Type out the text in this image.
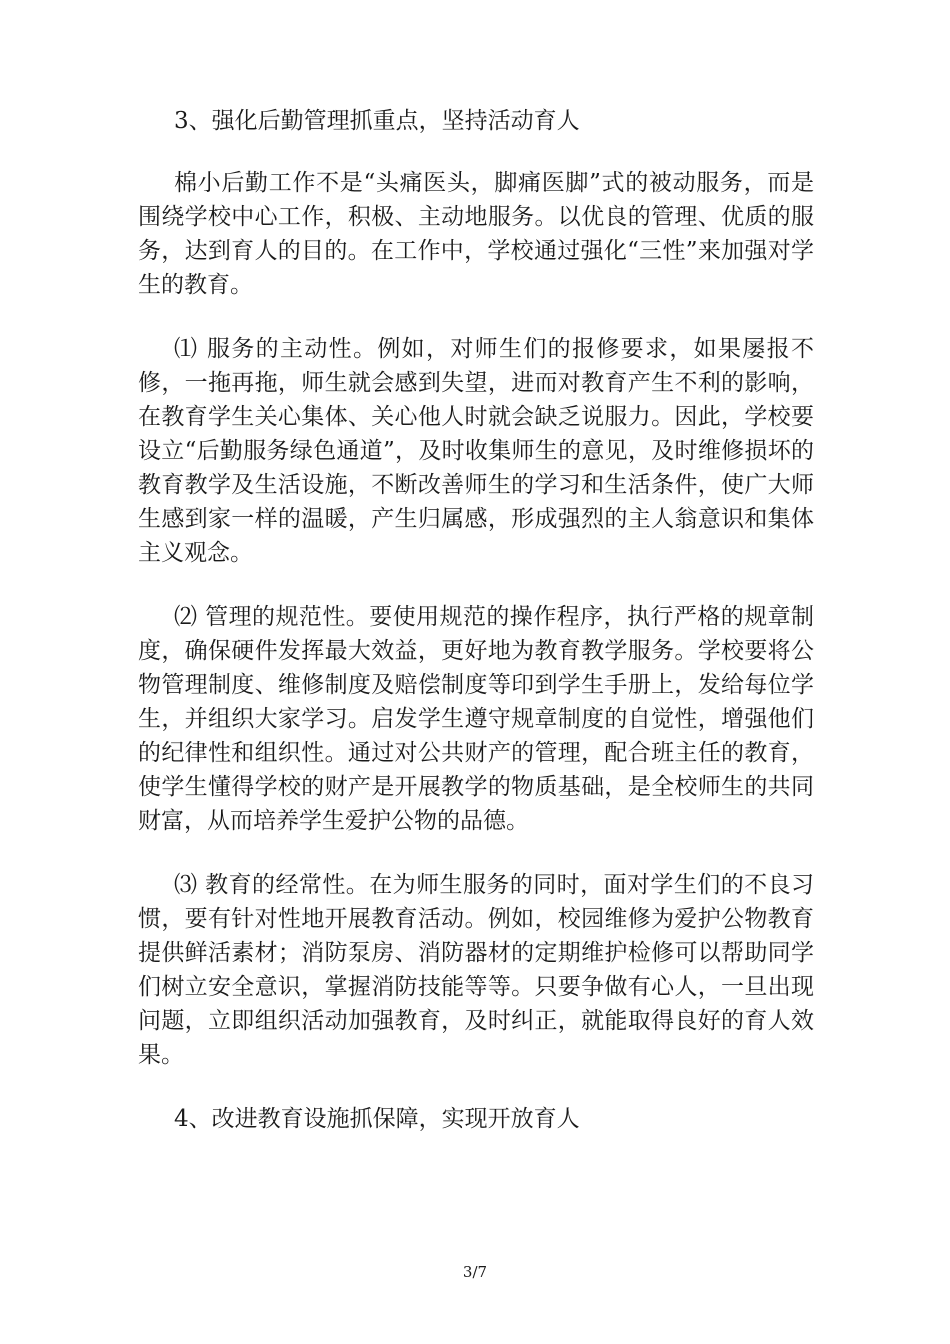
3、强化后勤管理抓重点，坚持活动育人

棉小后勤工作不是“头痛医头，脚痛医脚”式的被动服务，而是围绕学校中心工作，积极、主动地服务。以优良的管理、优质的服务，达到育人的目的。在工作中，学校通过强化“三性”来加强对学生的教育。

⑴ 服务的主动性。例如，对师生们的报修要求，如果屡报不修，一拖再拖，师生就会感到失望，进而对教育产生不利的影响，在教育学生关心集体、关心他人时就会缺乏说服力。因此，学校要设立“后勤服务绿色通道”，及时收集师生的意见，及时维修损坏的教育教学及生活设施，不断改善师生的学习和生活条件，使广大师生感到家一样的温暖，产生归属感，形成强烈的主人翁意识和集体主义观念。

⑵ 管理的规范性。要使用规范的操作程序，执行严格的规章制度，确保硬件发挥最大效益，更好地为教育教学服务。学校要将公物管理制度、维修制度及赔偿制度等印到学生手册上，发给每位学生，并组织大家学习。启发学生遵守规章制度的自觉性，增强他们的纪律性和组织性。通过对公共财产的管理，配合班主任的教育，使学生懂得学校的财产是开展教学的物质基础，是全校师生的共同财富，从而培养学生爱护公物的品德。

⑶ 教育的经常性。在为师生服务的同时，面对学生们的不良习惯，要有针对性地开展教育活动。例如，校园维修为爱护公物教育提供鲜活素材；消防泵房、消防器材的定期维护检修可以帮助同学们树立安全意识，掌握消防技能等等。只要争做有心人，一旦出现问题，立即组织活动加强教育，及时纠正，就能取得良好的育人效果。

4、改进教育设施抓保障，实现开放育人

3/7
